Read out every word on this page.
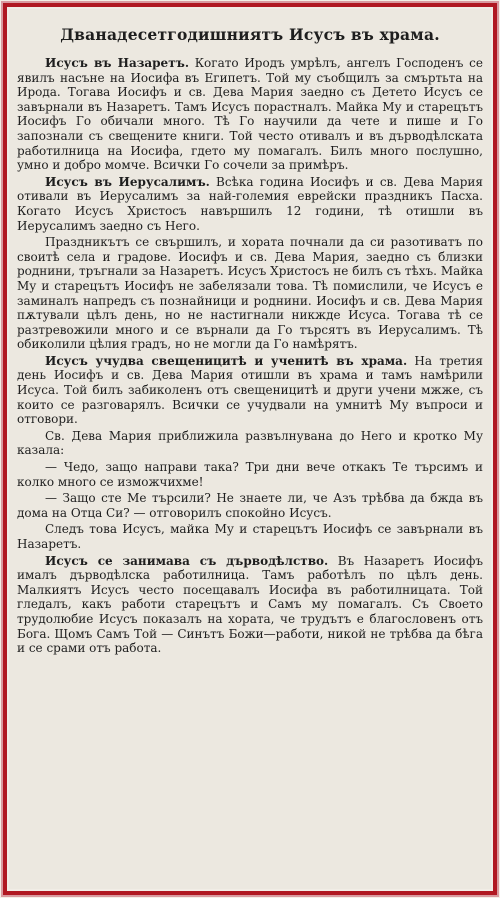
Дванадесетгодишниятъ Исусъ въ храма.

Исусъ въ Назаретъ. Когато Иродъ умрѣлъ, ангелъ Господенъ се явилъ насъне на Иосифа въ Египетъ. Той му съобщилъ за смъртьта на Ирода. Тогава Иосифъ и св. Дева Мария заедно съ Детето Исусъ се завърнали въ Назаретъ. Тамъ Исусъ порастналъ. Майка Му и старецътъ Иосифъ Го обичали много. Тѣ Го научили да чете и пише и Го запознали съ свещените книги. Той често отивалъ и въ дърводѣлската работилница на Иосифа, гдето му помагалъ. Билъ много послушно, умно и добро момче. Всички Го сочели за примѣръ.

Исусъ въ Иерусалимъ. Всѣка година Иосифъ и св. Дева Мария отивали въ Иерусалимъ за най-големия еврейски праздникъ Пасха. Когато Исусъ Христосъ навършилъ 12 години, тѣ отишли въ Иерусалимъ заедно съ Него.

Праздникътъ се свършилъ, и хората почнали да си разотиватъ по своитѣ села и градове. Иосифъ и св. Дева Мария, заедно съ близки роднини, тръгнали за Назаретъ. Исусъ Христосъ не билъ съ тѣхъ. Майка Му и старецътъ Иосифъ не забелязали това. Тѣ помислили, че Исусъ е заминалъ напредъ съ познайници и роднини. Иосифъ и св. Дева Мария пѫтували цѣлъ день, но не настигнали никжде Исуса. Тогава тѣ се разтревожили много и се върнали да Го търсятъ въ Иерусалимъ. Тѣ обиколили цѣлия градъ, но не могли да Го намѣрятъ.

Исусъ учудва свещеницитѣ и ученитѣ въ храма. На третия день Иосифъ и св. Дева Мария отишли въ храма и тамъ намѣрили Исуса. Той билъ забиколенъ отъ свещеницитѣ и други учени мжже, съ които се разговарялъ. Всички се учудвали на умнитѣ Му въпроси и отговори.

Св. Дева Мария приближила развълнувана до Него и кротко Му казала:

— Чедо, защо направи така? Три дни вече откакъ Те търсимъ и колко много се изможчихме!

— Защо сте Ме търсили? Не знаете ли, че Азъ трѣбва да бжда въ дома на Отца Си? — отговорилъ спокойно Исусъ.

Следъ това Исусъ, майка Му и старецътъ Иосифъ се завърнали въ Назаретъ.

Исусъ се занимава съ дърводѣлство. Въ Назаретъ Иосифъ ималъ дърводѣлска работилница. Тамъ работѣлъ по цѣлъ день. Малкиятъ Исусъ често посещавалъ Иосифа въ работилницата. Той гледалъ, какъ работи старецътъ и Самъ му помагалъ. Съ Своето трудолюбие Исусъ показалъ на хората, че трудътъ е благословенъ отъ Бога. Щомъ Самъ Той — Синътъ Божи—работи, никой не трѣбва да бѣга и се срами отъ работа.
